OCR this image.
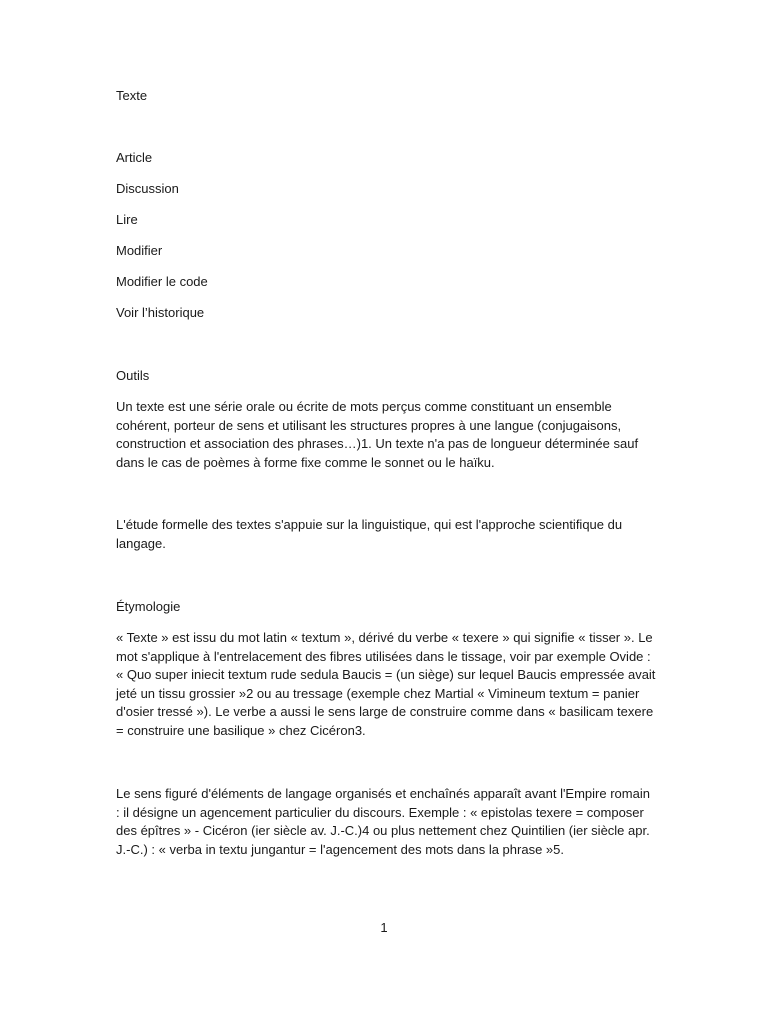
Texte

Article

Discussion

Lire

Modifier

Modifier le code

Voir l’historique

Outils

Un texte est une série orale ou écrite de mots perçus comme constituant un ensemble cohérent, porteur de sens et utilisant les structures propres à une langue (conjugaisons, construction et association des phrases…)1. Un texte n'a pas de longueur déterminée sauf dans le cas de poèmes à forme fixe comme le sonnet ou le haïku.

L'étude formelle des textes s'appuie sur la linguistique, qui est l'approche scientifique du langage.

Étymologie

« Texte » est issu du mot latin « textum », dérivé du verbe « texere » qui signifie « tisser ». Le mot s'applique à l'entrelacement des fibres utilisées dans le tissage, voir par exemple Ovide : « Quo super iniecit textum rude sedula Baucis = (un siège) sur lequel Baucis empressée avait jeté un tissu grossier »2 ou au tressage (exemple chez Martial « Vimineum textum = panier d'osier tressé »). Le verbe a aussi le sens large de construire comme dans « basilicam texere = construire une basilique » chez Cicéron3.

Le sens figuré d'éléments de langage organisés et enchaînés apparaît avant l'Empire romain : il désigne un agencement particulier du discours. Exemple : « epistolas texere = composer des épîtres » - Cicéron (ier siècle av. J.-C.)4 ou plus nettement chez Quintilien (ier siècle apr. J.-C.) : « verba in textu jungantur = l'agencement des mots dans la phrase »5.

1
